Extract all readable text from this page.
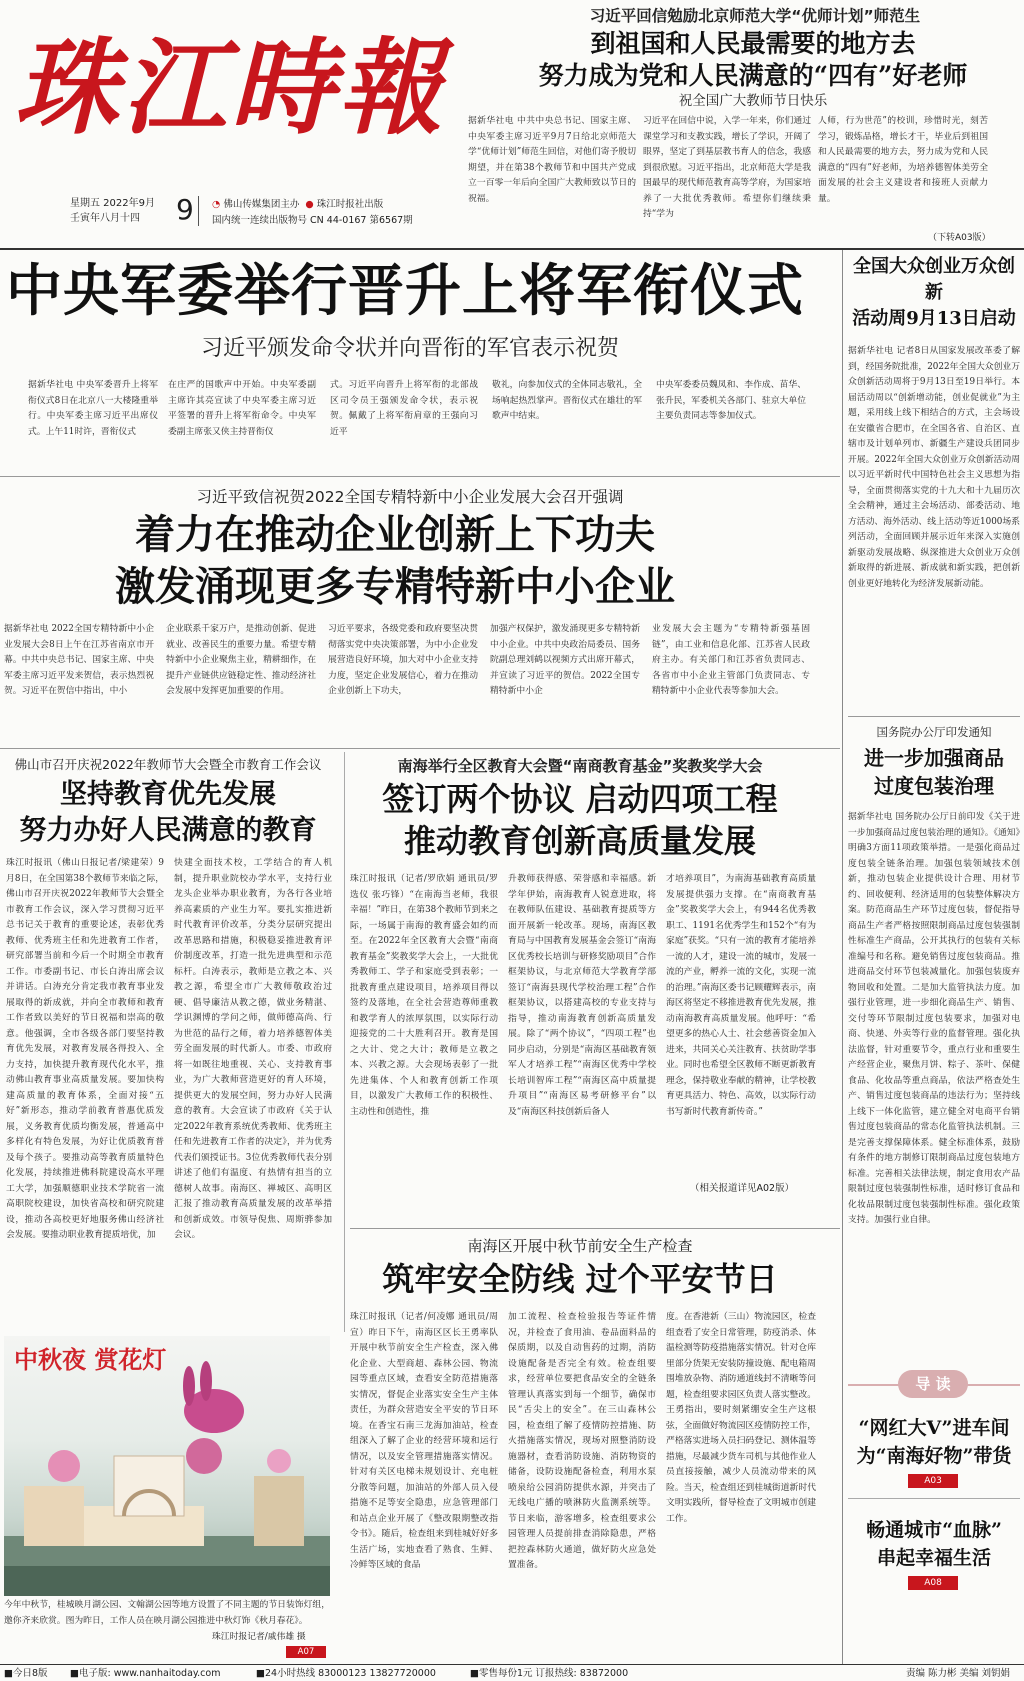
珠江時報
星期五 2022年9月
壬寅年八月十四	9 ◔ 佛山传媒集团主办 ● 珠江时报社出版
国内统一连续出版物号 CN 44-0167 第6567期
习近平回信勉励北京师范大学“优师计划”师范生
到祖国和人民最需要的地方去
努力成为党和人民满意的“四有”好老师
祝全国广大教师节日快乐
据新华社电 中共中央总书记、国家主席、中央军委主席习近平9月7日给北京师范大学“优师计划”师范生回信，对他们寄予殷切期望，并在第38个教师节和中国共产党成立一百零一年后向全国广大教师致以节日的祝福。
习近平在回信中说，入学一年来，你们通过课堂学习和支教实践，增长了学识，开阔了眼界，坚定了到基层教书育人的信念，我感到很欣慰。习近平指出，北京师范大学是我国最早的现代师范教育高等学府，为国家培养了一大批优秀教师。希望你们继续秉持“学为
人师，行为世范”的校训，珍惜时光，刻苦学习，锻炼品格，增长才干，毕业后到祖国和人民最需要的地方去，努力成为党和人民满意的“四有”好老师，为培养德智体美劳全面发展的社会主义建设者和接班人贡献力量。
（下转A03版）
中央军委举行晋升上将军衔仪式
习近平颁发命令状并向晋衔的军官表示祝贺
据新华社电 中央军委晋升上将军衔仪式8日在北京八一大楼隆重举行。中央军委主席习近平出席仪式。上午11时许，晋衔仪式
在庄严的国歌声中开始。中央军委副主席许其亮宣读了中央军委主席习近平签署的晋升上将军衔命令。中央军委副主席张又侠主持晋衔仪
式。习近平向晋升上将军衔的北部战区司令员王强颁发命令状，表示祝贺。佩戴了上将军衔肩章的王强向习近平
敬礼，向参加仪式的全体同志敬礼，全场响起热烈掌声。晋衔仪式在雄壮的军歌声中结束。
中央军委委员魏凤和、李作成、苗华、张升民，军委机关各部门、驻京大单位主要负责同志等参加仪式。
习近平致信祝贺2022全国专精特新中小企业发展大会召开强调
着力在推动企业创新上下功夫
激发涌现更多专精特新中小企业
据新华社电 2022全国专精特新中小企业发展大会8日上午在江苏省南京市开幕。中共中央总书记、国家主席、中央军委主席习近平发来贺信，表示热烈祝贺。习近平在贺信中指出，中小
企业联系千家万户，是推动创新、促进就业、改善民生的重要力量。希望专精特新中小企业聚焦主业，精耕细作，在提升产业链供应链稳定性、推动经济社会发展中发挥更加重要的作用。
习近平要求，各级党委和政府要坚决贯彻落实党中央决策部署，为中小企业发展营造良好环境，加大对中小企业支持力度，坚定企业发展信心，着力在推动企业创新上下功夫，
加强产权保护，激发涌现更多专精特新中小企业。中共中央政治局委员、国务院副总理刘鹤以视频方式出席开幕式，并宣读了习近平的贺信。2022全国专精特新中小企
业发展大会主题为“专精特新强基固链”，由工业和信息化部、江苏省人民政府主办。有关部门和江苏省负责同志、各省市中小企业主管部门负责同志、专精特新中小企业代表等参加大会。
全国大众创业万众创新
活动周9月13日启动
据新华社电 记者8日从国家发展改革委了解到，经国务院批准，2022年全国大众创业万众创新活动周将于9月13日至19日举行。本届活动周以“创新增动能，创业促就业”为主题，采用线上线下相结合的方式，主会场设在安徽省合肥市，在全国各省、自治区、直辖市及计划单列市、新疆生产建设兵团同步开展。2022年全国大众创业万众创新活动周以习近平新时代中国特色社会主义思想为指导，全面贯彻落实党的十九大和十九届历次全会精神，通过主会场活动、部委活动、地方活动、海外活动、线上活动等近1000场系列活动，全面回顾并展示近年来深入实施创新驱动发展战略、纵深推进大众创业万众创新取得的新进展、新成就和新实践，把创新创业更好地转化为经济发展新动能。
国务院办公厅印发通知
进一步加强商品
过度包装治理
据新华社电 国务院办公厅日前印发《关于进一步加强商品过度包装治理的通知》。《通知》明确3方面11项政策举措。一是强化商品过度包装全链条治理。加强包装领域技术创新，推动包装企业提供设计合理、用材节约、回收便利、经济适用的包装整体解决方案。防范商品生产环节过度包装，督促指导商品生产者严格按照限制商品过度包装强制性标准生产商品，公开其执行的包装有关标准编号和名称。避免销售过度包装商品。推进商品交付环节包装减量化。加强包装废弃物回收和处置。二是加大监管执法力度。加强行业管理，进一步细化商品生产、销售、交付等环节限制过度包装要求，加强对电商、快递、外卖等行业的监督管理。强化执法监督，针对重要节令，重点行业和重要生产经营企业，聚焦月饼、粽子、茶叶、保健食品、化妆品等重点商品，依法严格查处生产、销售过度包装商品的违法行为；坚持线上线下一体化监管，建立健全对电商平台销售过度包装商品的常态化监管执法机制。三是完善支撑保障体系。健全标准体系，鼓励有条件的地方制修订限制商品过度包装地方标准。完善相关法律法规，制定食用农产品限制过度包装强制性标准，适时修订食品和化妆品限制过度包装强制性标准。强化政策支持。加强行业自律。
导 读
“网红大V”进车间
为“南海好物”带货
A03
畅通城市“血脉”
串起幸福生活
A08
佛山市召开庆祝2022年教师节大会暨全市教育工作会议
坚持教育优先发展
努力办好人民满意的教育
珠江时报讯（佛山日报记者/梁建荣）9月8日，在全国第38个教师节来临之际，佛山市召开庆祝2022年教师节大会暨全市教育工作会议，深入学习贯彻习近平总书记关于教育的重要论述，表彰优秀教师、优秀班主任和先进教育工作者，研究部署当前和今后一个时期全市教育工作。市委副书记、市长白涛出席会议并讲话。白涛充分肯定我市教育事业发展取得的新成就，并向全市教师和教育工作者致以美好的节日祝福和崇高的敬意。他强调，全市各级各部门要坚持教育优先发展，对教育发展各得投入、全力支持，加快提升教育现代化水平，推动佛山教育事业高质量发展。要加快构建高质量的教育体系，全面对接“五好”新形态，推动学前教育普惠优质发展，义务教育优质均衡发展，普通高中多样化有特色发展，为好让优质教育普及每个孩子。要推动高等教育质量特色化发展，持续推进佛科院建设高水平理工大学，加强顺德职业技术学院省一流高职院校建设，加快省高校和研究院建设，推动各高校更好地服务佛山经济社会发展。要推动职业教育提质培优，加
快建全面技术校，工学结合的育人机制，提升职业院校办学水平，支持行业龙头企业举办职业教育，为各行各业培养高素质的产业生力军。要扎实推进新时代教育评价改革，分类分层研究提出改革思路和措施，积极稳妥推进教育评价制度改革，打造一批先进典型和示范标杆。白涛表示，教师是立教之本、兴教之源，希望全市广大教师敬政治过硬、倡导廉洁从教之德，做业务精湛、学识渊博的学问之师，做师德高尚、行为世范的品行之师，着力培养德智体美劳全面发展的时代新人。市委、市政府将一如既往地重视、关心、支持教育事业，为广大教师营造更好的育人环境，提供更大的发展空间，努力办好人民满意的教育。大会宣读了市政府《关于认定2022年教育系统优秀教师、优秀班主任和先进教育工作者的决定》，并为优秀代表们颁授证书。3位优秀教师代表分别讲述了他们有温度、有热情有担当的立德树人故事。南海区、禅城区、高明区汇报了推动教育高质量发展的改革举措和创新成效。市领导倪焦、周斯骅参加会议。
南海举行全区教育大会暨“南商教育基金”奖教奖学大会
签订两个协议 启动四项工程
推动教育创新高质量发展
珠江时报讯（记者/罗欣娟 通讯员/罗选仪 张巧锋）“在南海当老师，我很幸福！”昨日，在第38个教师节到来之际，一场属于南海的教育盛会如约而至。在2022年全区教育大会暨“南商教育基金”奖教奖学大会上，一大批优秀教师工、学子和家庭受到表彰；一批教育重点建设项目，培养项目得以签约及落地，在全社会营造尊师重教和教学育人的浓厚氛围，以实际行动迎接党的二十大胜利召开。教育是国之大计、党之大计；教师是立教之本、兴教之源。大会现场表彰了一批先进集体、个人和教育创新工作项目，以激发广大教师工作的积极性、主动性和创造性，推
升教师获得感、荣誉感和幸福感。新学年伊始，南海教育人锐意进取，将在教师队伍建设、基础教育提质等方面开展新一轮改革。现场，南海区教育局与中国教育发展基金会签订“南海区优秀校长培训与研修奖励项目”合作框架协议，与北京师范大学教育学部签订“南海县现代学校治理工程”合作框架协议，以搭建高校的专业支持与指导，推动南海教育创新高质量发展。除了“两个协议”，“四项工程”也同步启动，分别是“南海区基础教育领军人才培养工程”“南海区优秀中学校长培训智库工程”“南海区高中质量提升项目”“南海区易考研修平台”以及“南海区科技创新后备人
才培养项目”，为南海基础教育高质量发展提供强力支撑。在“南商教育基金”奖教奖学大会上，有944名优秀教职工、1191名优秀学生和152个“有为家庭”获奖。“只有一流的教育才能培养一流的人才，建设一流的城市，发展一流的产业，孵养一流的文化，实现一流的治理。”南海区委书记顾耀辉表示，南海区将坚定不移推进教育优先发展，推动南海教育高质量发展。他呼吁：“希望更多的热心人士、社会慈善资金加入进来，共同关心关注教育、扶贫助学事业。同时也希望全区教师不断更新教育理念，保持敬业奉献的精神，让学校教育更具活力、特色、高效，以实际行动书写新时代教育新传奇。”
（相关报道详见A02版）
中秋夜 赏花灯
今年中秋节，桂城映月湖公园、文翰湖公园等地方设置了不同主题的节日装饰灯组，邀你齐来欣赏。图为昨日，工作人员在映月湖公园推进中秋灯饰《秋月春花》。
珠江时报记者/戚伟雄 摄
A07
南海区开展中秋节前安全生产检查
筑牢安全防线 过个平安节日
珠江时报讯（记者/何凌娜 通讯员/周宣）昨日下午，南海区区长王勇率队开展中秋节前安全生产检查，深入佛化企业、大型商超、森林公园、物流园等重点区域，查看安全防范措施落实情况，督促企业落实安全生产主体责任，为群众营造安全平安的节日环境。在香宝石南三龙海加油站，检查组深入了解了企业的经营环境和运行情况，以及安全管理措施落实情况。针对有关区电梯未规划设计、充电桩分散等问题，加油站的外部人员入侵措施不足等安全隐患，应急管理部门和站点企业开展了《整改限期整改指令书》。随后，检查组来到桂城好好多生活广场，实地查看了熟食、生鲜、冷鲜等区域的食品
加工流程、检查检验报告等证件情况，并检查了食用油、卷品面料品的保质期，以及自动售药的过期，消防设施配备是否完全有效。检查组要求，经营单位要把食品安全的全链条管理认真落实到每一个细节，确保市民“舌尖上的安全”。在三山森林公园，检查组了解了疫情防控措施、防火措施落实情况，现场对照整消防设施器材，查看消防设施、消防物资的储备，设防设施配备检查，利用水泵喷泉给公园消防提供水源，并突击了无线电广播的喷淋防火监测系统等。节日来临，游客增多，检查组要求公园管理人员提前排查消除隐患，严格把控森林防火通道，做好防火应急处置准备。
度。在香港新（三山）物流园区，检查组查看了安全日常管理，防疫消杀、体温检测等防疫措施落实情况。针对仓库里部分货架无安装防撞设施、配电箱周围堆放杂物、消防通道线封不清晰等问题，检查组要求园区负责人落实整改。王勇指出，要时刻紧绷安全生产这根弦，全面做好物流园区疫情防控工作，严格落实进场入员扫码登记、测体温等措施，尽最减少货车司机与其他作业人员直接接触，减少人员流动带来的风险。当天，检查组还到桂城街道新时代文明实践所，督导检查了文明城市创建工作。
■今日8版 ■电子版: www.nanhaitoday.com	■24小时热线 83000123 13827720000	■零售每份1元 订报热线: 83872000	责编 陈力彬 美编 刘钥娟
